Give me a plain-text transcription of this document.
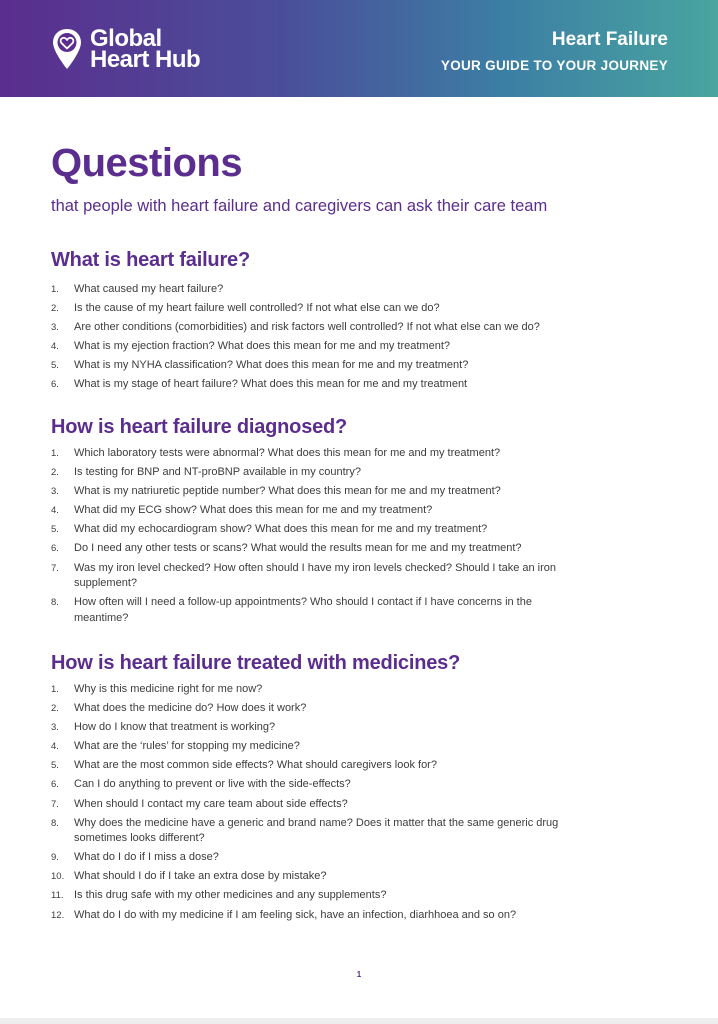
Global
Heart Hub
Heart Failure
YOUR GUIDE TO YOUR JOURNEY
Questions
that people with heart failure and caregivers can ask their care team
What is heart failure?
1. What caused my heart failure?
2. Is the cause of my heart failure well controlled? If not what else can we do?
3. Are other conditions (comorbidities) and risk factors well controlled? If not what else can we do?
4. What is my ejection fraction? What does this mean for me and my treatment?
5. What is my NYHA classification? What does this mean for me and my treatment?
6. What is my stage of heart failure? What does this mean for me and my treatment
How is heart failure diagnosed?
1. Which laboratory tests were abnormal? What does this mean for me and my treatment?
2. Is testing for BNP and NT-proBNP available in my country?
3. What is my natriuretic peptide number? What does this mean for me and my treatment?
4. What did my ECG show? What does this mean for me and my treatment?
5. What did my echocardiogram show? What does this mean for me and my treatment?
6. Do I need any other tests or scans? What would the results mean for me and my treatment?
7. Was my iron level checked? How often should I have my iron levels checked? Should I take an iron supplement?
8. How often will I need a follow-up appointments? Who should I contact if I have concerns in the meantime?
How is heart failure treated with medicines?
1. Why is this medicine right for me now?
2. What does the medicine do? How does it work?
3. How do I know that treatment is working?
4. What are the ‘rules’ for stopping my medicine?
5. What are the most common side effects? What should caregivers look for?
6. Can I do anything to prevent or live with the side-effects?
7. When should I contact my care team about side effects?
8. Why does the medicine have a generic and brand name? Does it matter that the same generic drug sometimes looks different?
9. What do I do if I miss a dose?
10. What should I do if I take an extra dose by mistake?
11. Is this drug safe with my other medicines and any supplements?
12. What do I do with my medicine if I am feeling sick, have an infection, diarhhoea and so on?
1
